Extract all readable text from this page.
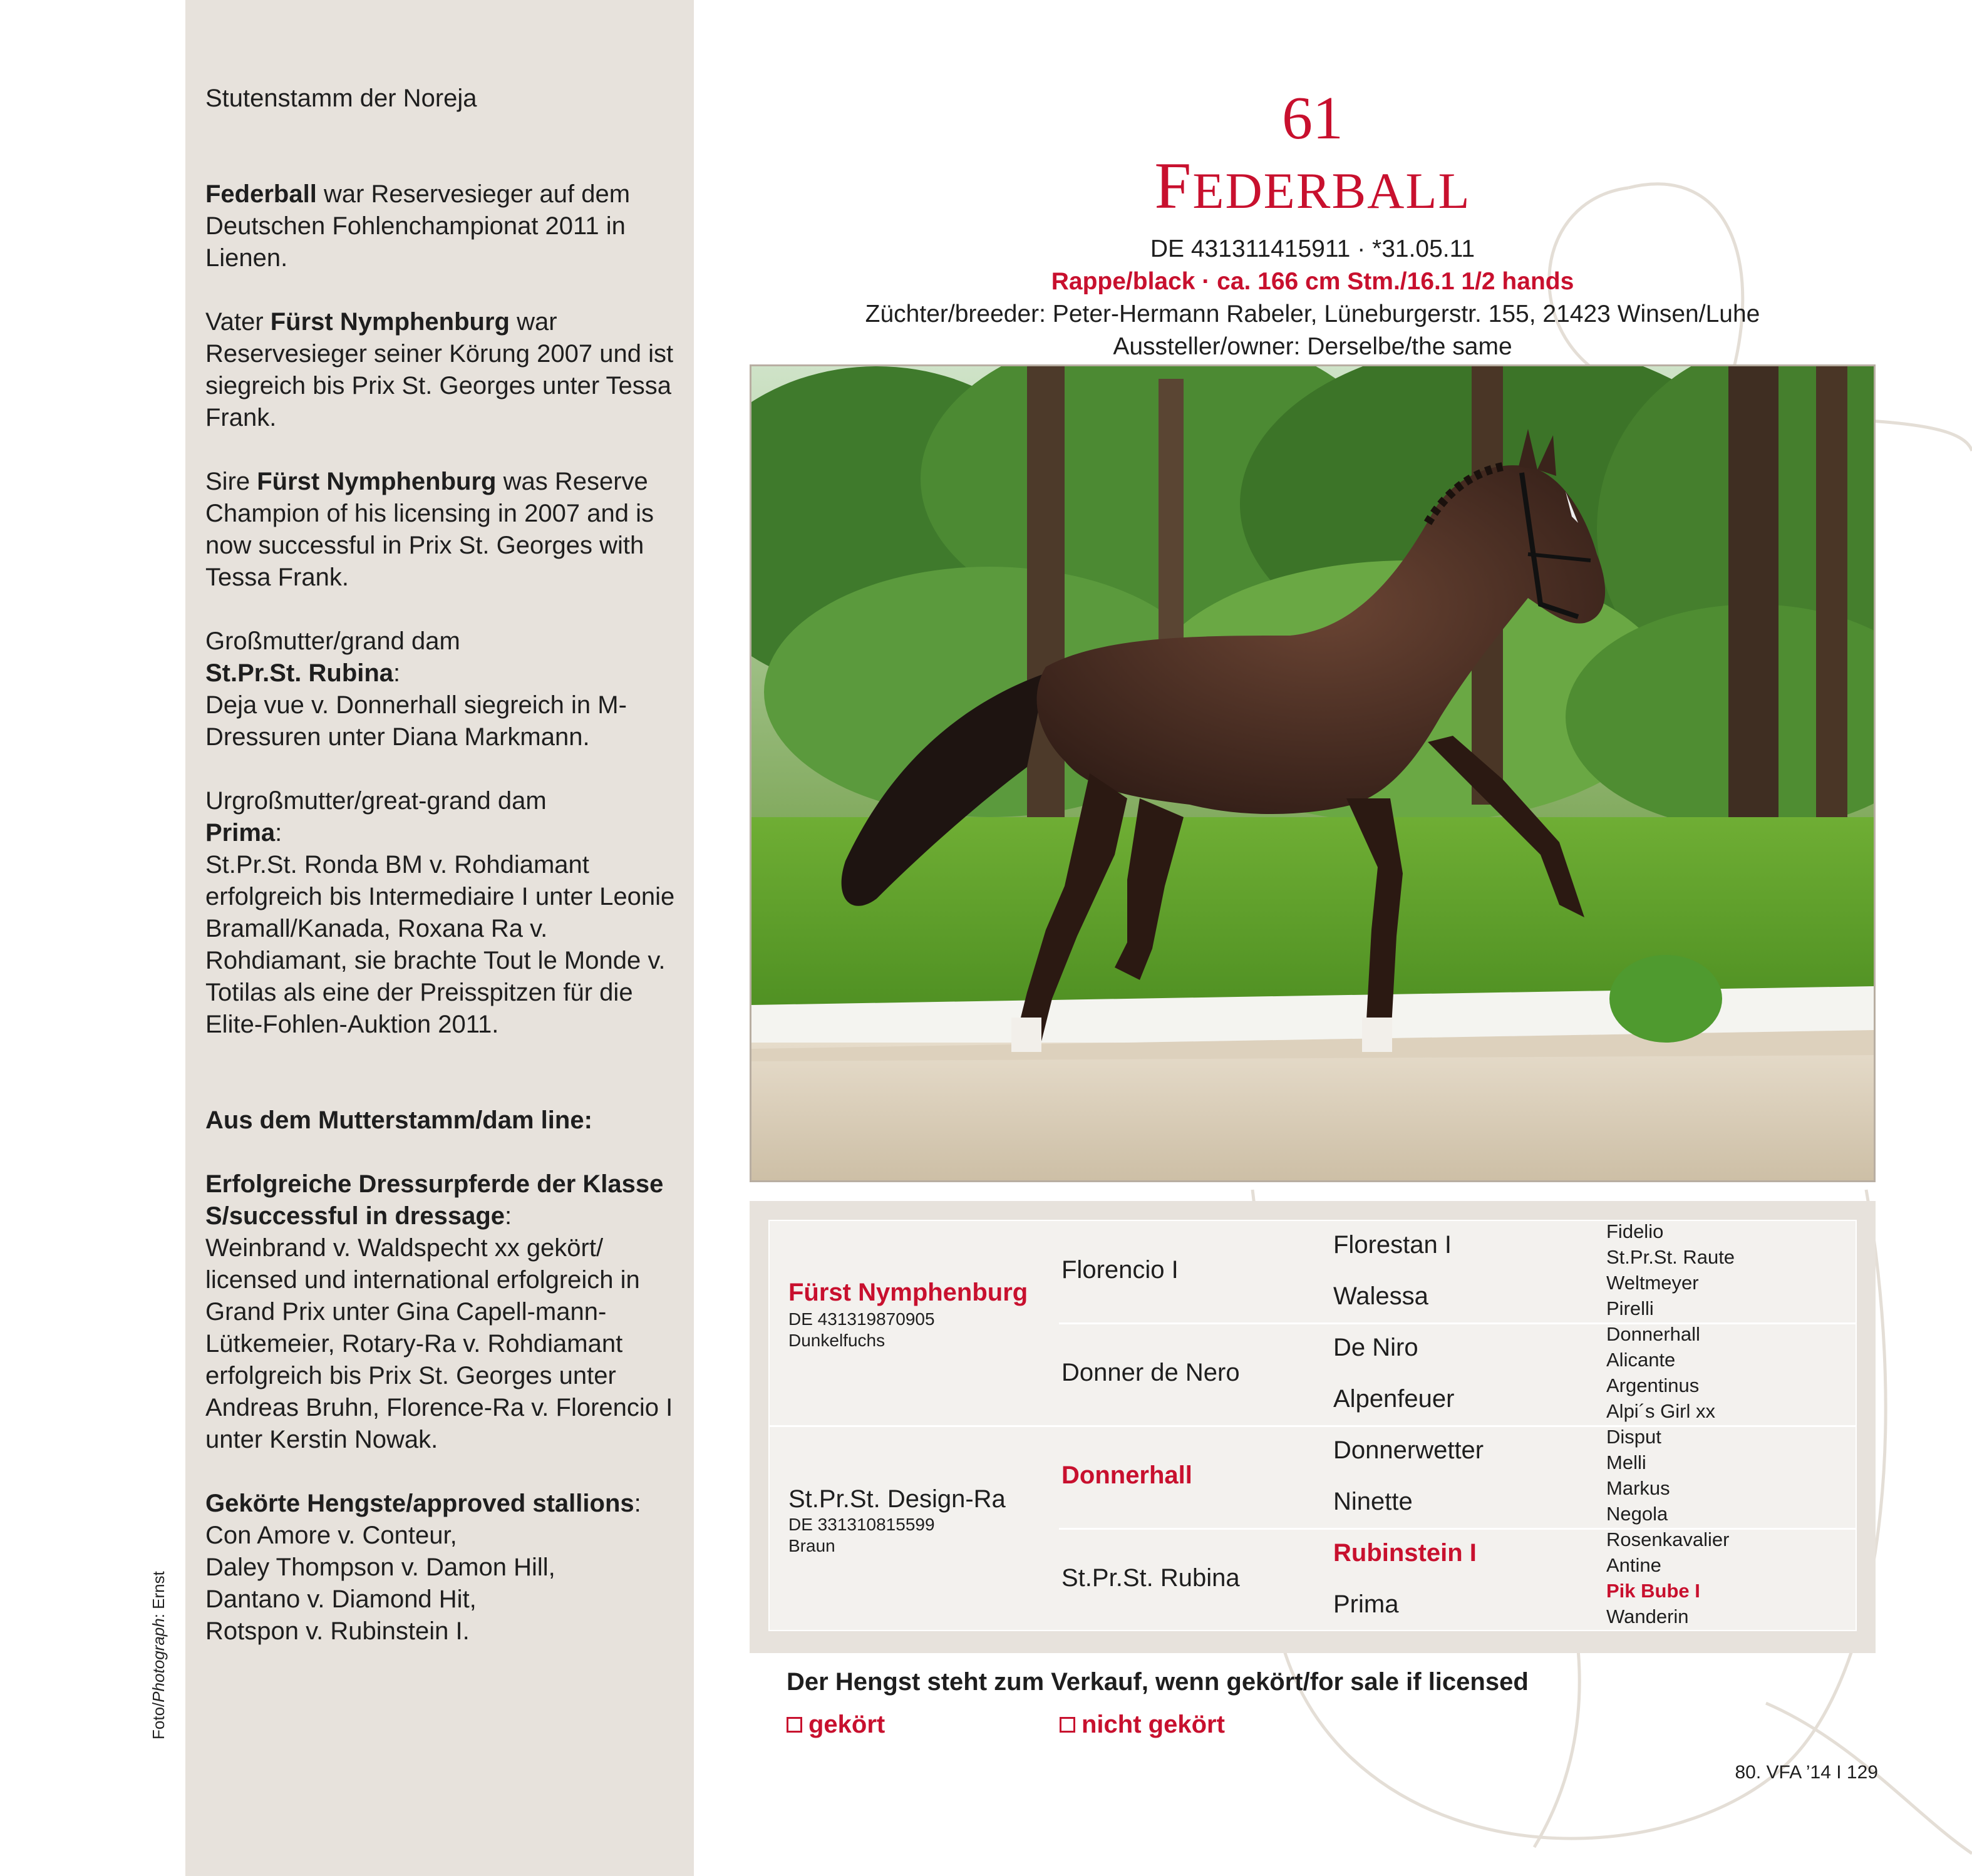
Stutenstamm der Noreja

Federball war Reservesieger auf dem Deutschen Fohlenchampionat 2011 in Lienen.

Vater Fürst Nymphenburg war Reservesieger seiner Körung 2007 und ist siegreich bis Prix St. Georges unter Tessa Frank.

Sire Fürst Nymphenburg was Reserve Champion of his licensing in 2007 and is now successful in Prix St. Georges with Tessa Frank.

Großmutter/grand dam
St.Pr.St. Rubina:
Deja vue v. Donnerhall siegreich in M-Dressuren unter Diana Markmann.

Urgroßmutter/great-grand dam
Prima:
St.Pr.St. Ronda BM v. Rohdiamant erfolgreich bis Intermediaire I unter Leonie Bramall/Kanada, Roxana Ra v. Rohdiamant, sie brachte Tout le Monde v. Totilas als eine der Preisspitzen für die Elite-Fohlen-Auktion 2011.

Aus dem Mutterstamm/dam line:

Erfolgreiche Dressurpferde der Klasse S/successful in dressage:
Weinbrand v. Waldspecht xx gekört/ licensed und international erfolgreich in Grand Prix unter Gina Capell-mann-Lütkemeier, Rotary-Ra v. Rohdiamant erfolgreich bis Prix St. Georges unter Andreas Bruhn, Florence-Ra v. Florencio I unter Kerstin Nowak.

Gekörte Hengste/approved stallions:
Con Amore v. Conteur,
Daley Thompson v. Damon Hill,
Dantano v. Diamond Hit,
Rotspon v. Rubinstein I.

Foto/Photograph: Ernst
61
FEDERBALL

DE 431311415911 · *31.05.11

Rappe/black · ca. 166 cm Stm./16.1 1/2 hands

Züchter/breeder: Peter-Hermann Rabeler, Lüneburgerstr. 155, 21423 Winsen/Luhe

Aussteller/owner: Derselbe/the same

Fürst Nymphenburg
DE 431319870905
Dunkelfuchs
St.Pr.St. Design-Ra
DE 331310815599
Braun
Florencio I
Donner de Nero
Donnerhall
St.Pr.St. Rubina
Florestan I
Walessa
De Niro
Alpenfeuer
Donnerwetter
Ninette
Rubinstein I
Prima
Fidelio
St.Pr.St. Raute
Weltmeyer
Pirelli
Donnerhall
Alicante
Argentinus
Alpi´s Girl xx
Disput
Melli
Markus
Negola
Rosenkavalier
Antine
Pik Bube I
Wanderin
Der Hengst steht zum Verkauf, wenn gekört/for sale if licensed
gekört	nicht gekört
80. VFA ’14 I 129
